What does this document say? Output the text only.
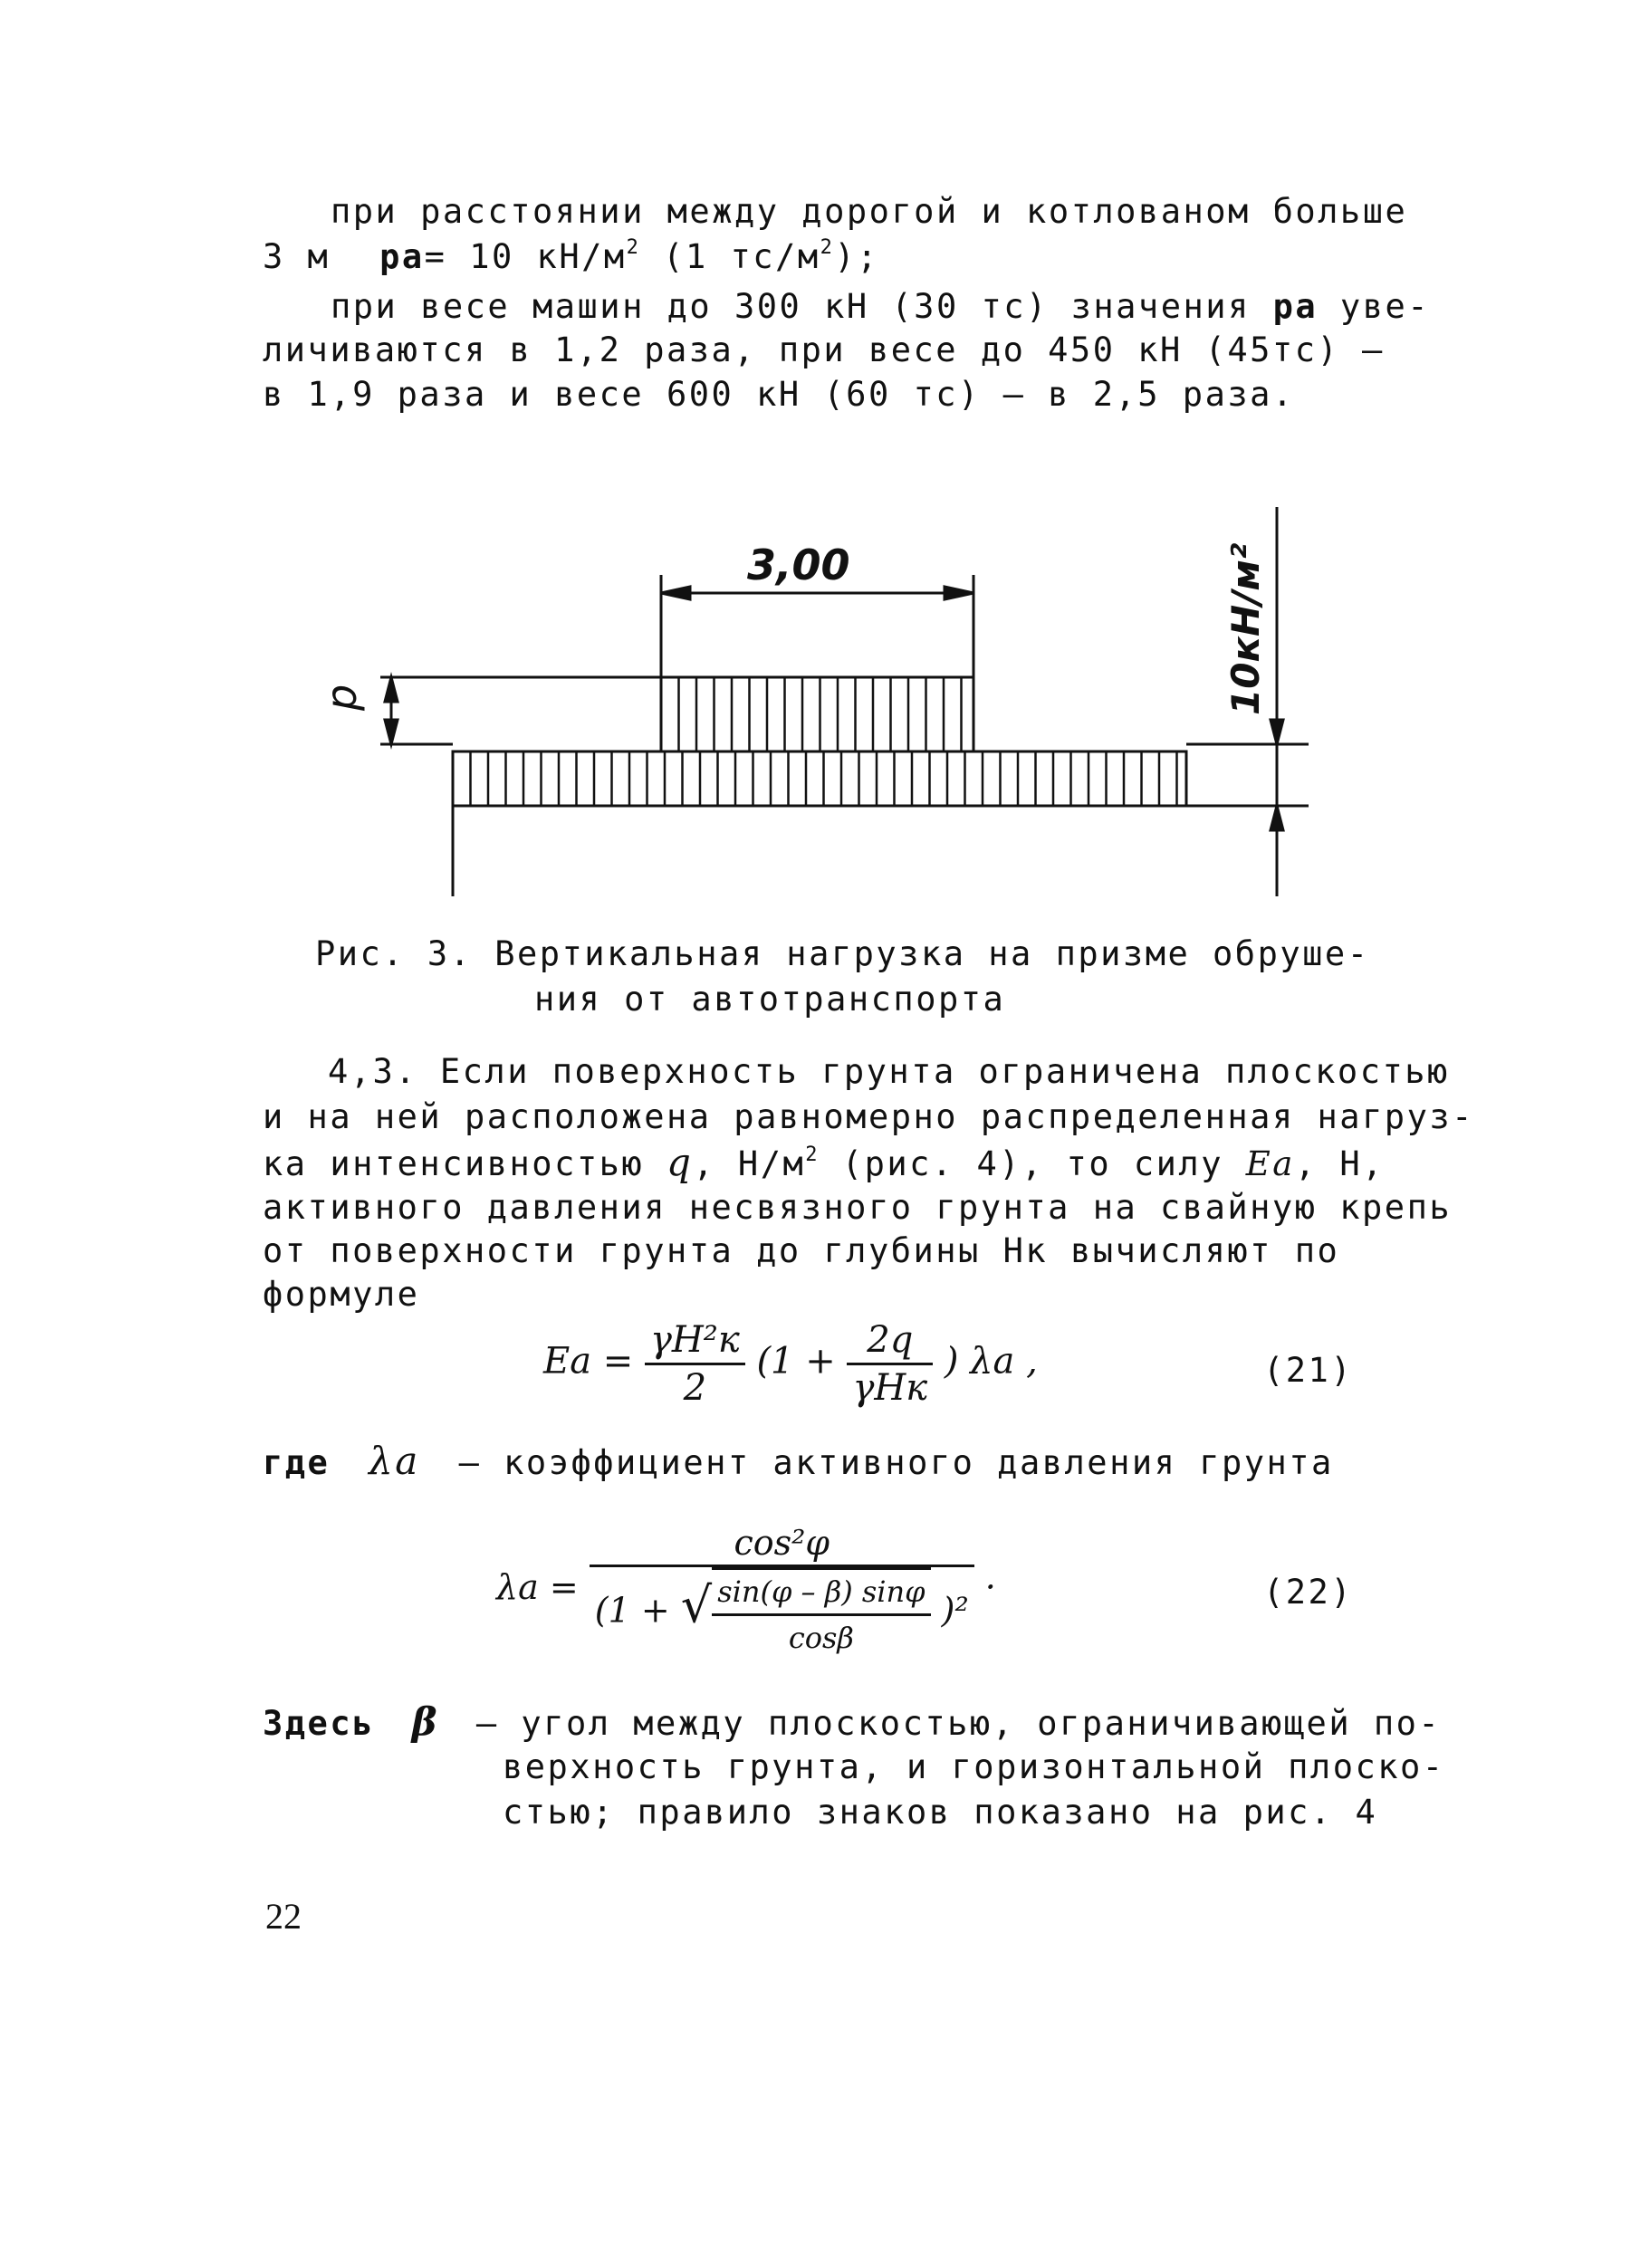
при расстоянии между дорогой и котлованом больше
3 м pa= 10 $кН/м^2$ (1 $тс/м^2$);
при весе машин до 300 кН (30 тс) значения pa уве-
личиваются в 1,2 раза, при весе до 450 кН (45тс) –
в 1,9 раза и весе 600 кН (60 тс) – в 2,5 раза.
3,00
p	10кН/м²
Рис. 3. Вертикальная нагрузка на призме обруше-
ния от автотранспорта
4,3. Если поверхность грунта ограничена плоскостью
и на ней расположена равномерно распределенная нагруз-
ка интенсивностью q, $Н/м^2$ (рис. 4), то силу Ea, Н,
активного давления несвязного грунта на свайную крепь
от поверхности грунта до глубины Hк вычисляют по
формуле
$Ea = \frac{\text{γH²к}}{2} (1 + \frac{2q}{\text{γHк}}$ ) λa ,	(21)
где λa – коэффициент активного давления грунта
$\lambda a = \frac{\text{cos²φ}}{(1 + √ \frac{\sin(\varphi - \beta) \sin\varphi}{\cos\beta} )^2}$ ·	(22)
Здесь β – угол между плоскостью, ограничивающей по-
верхность грунта, и горизонтальной плоско-
стью; правило знаков показано на рис. 4
22
